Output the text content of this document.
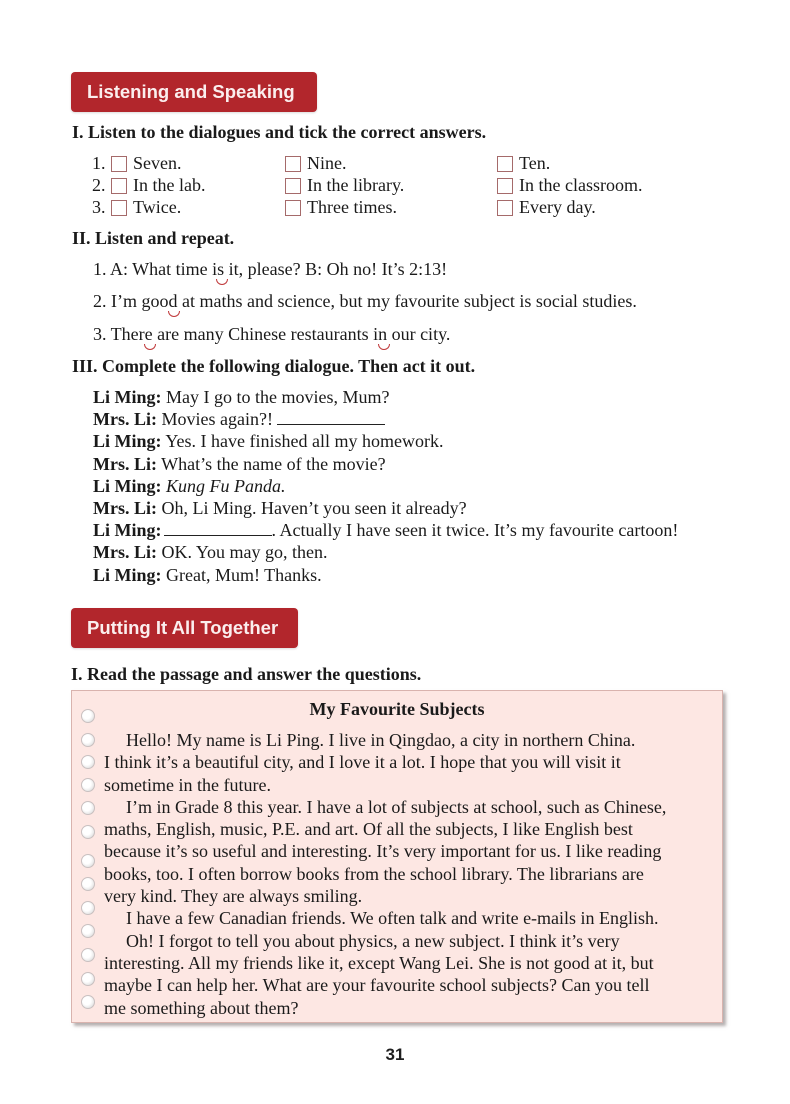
Listening and Speaking
I. Listen to the dialogues and tick the correct answers.
1.	Seven.	Nine.	Ten.
2.	In the lab.	In the library.	In the classroom.
3.	Twice.	Three times.	Every day.
II. Listen and repeat.
1. A: What time is it, please? B: Oh no! It’s 2:13!
2. I’m good at maths and science, but my favourite subject is social studies.
3. There are many Chinese restaurants in our city.
III. Complete the following dialogue. Then act it out.
Li Ming: May I go to the movies, Mum?
Mrs. Li: Movies again?!
Li Ming: Yes. I have finished all my homework.
Mrs. Li: What’s the name of the movie?
Li Ming: Kung Fu Panda.
Mrs. Li: Oh, Li Ming. Haven’t you seen it already?
Li Ming:	. Actually I have seen it twice. It’s my favourite cartoon!
Mrs. Li: OK. You may go, then.
Li Ming: Great, Mum! Thanks.
Putting It All Together
I. Read the passage and answer the questions.
My Favourite Subjects
Hello! My name is Li Ping. I live in Qingdao, a city in northern China.
I think it’s a beautiful city, and I love it a lot. I hope that you will visit it
sometime in the future.
I’m in Grade 8 this year. I have a lot of subjects at school, such as Chinese,
maths, English, music, P.E. and art. Of all the subjects, I like English best
because it’s so useful and interesting. It’s very important for us. I like reading
books, too. I often borrow books from the school library. The librarians are
very kind. They are always smiling.
I have a few Canadian friends. We often talk and write e-mails in English.
Oh! I forgot to tell you about physics, a new subject. I think it’s very
interesting. All my friends like it, except Wang Lei. She is not good at it, but
maybe I can help her. What are your favourite school subjects? Can you tell
me something about them?
31
